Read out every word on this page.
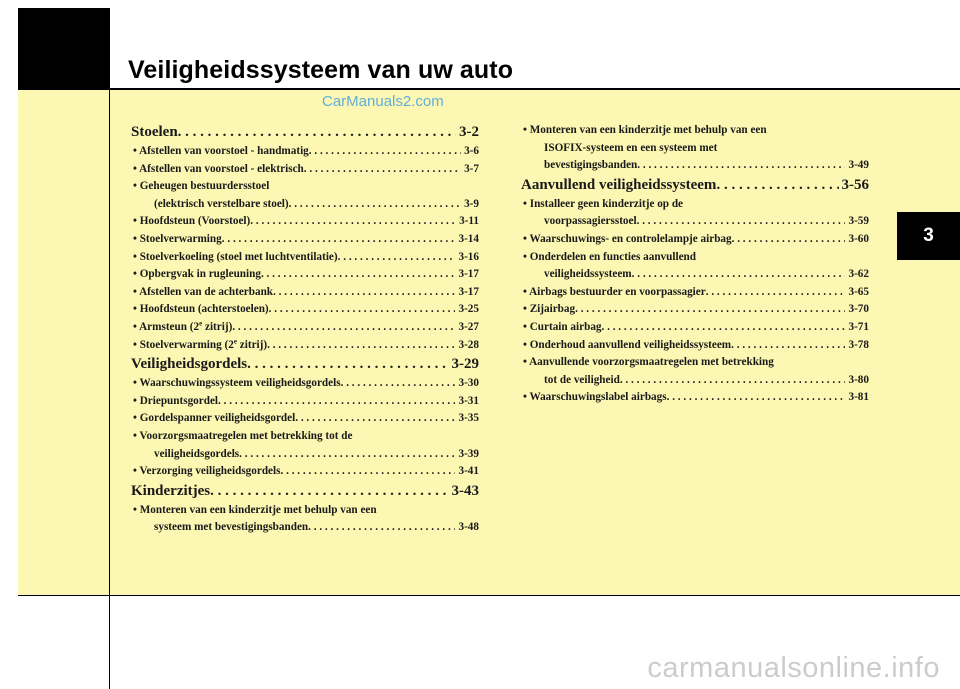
Veiligheidssysteem van uw auto
CarManuals2.com
3
carmanualsonline.info
Stoelen . . .	3-2
• Afstellen van voorstoel - handmatig . . .	3-6
• Afstellen van voorstoel - elektrisch . . .	3-7
• Geheugen bestuurdersstoel
(elektrisch verstelbare stoel) . . .	3-9
• Hoofdsteun (Voorstoel) . . .	3-11
• Stoelverwarming . . .	3-14
• Stoelverkoeling (stoel met luchtventilatie) . . .	3-16
• Opbergvak in rugleuning . . .	3-17
• Afstellen van de achterbank . . .	3-17
• Hoofdsteun (achterstoelen) . . .	3-25
• Armsteun (2e zitrij) . . .	3-27
• Stoelverwarming (2e zitrij) . . .	3-28
Veiligheidsgordels . . .	3-29
• Waarschuwingssysteem veiligheidsgordels . . .	3-30
• Driepuntsgordel . . .	3-31
• Gordelspanner veiligheidsgordel . . .	3-35
• Voorzorgsmaatregelen met betrekking tot de
veiligheidsgordels . . .	3-39
• Verzorging veiligheidsgordels . . .	3-41
Kinderzitjes . . .	3-43
• Monteren van een kinderzitje met behulp van een
systeem met bevestigingsbanden . . .	3-48
• Monteren van een kinderzitje met behulp van een
ISOFIX-systeem en een systeem met
bevestigingsbanden . . .	3-49
Aanvullend veiligheidssysteem . . .	3-56
• Installeer geen kinderzitje op de
voorpassagiersstoel . . .	3-59
• Waarschuwings- en controlelampje airbag . . .	3-60
• Onderdelen en functies aanvullend
veiligheidssysteem . . .	3-62
• Airbags bestuurder en voorpassagier . . .	3-65
• Zijairbag . . .	3-70
• Curtain airbag . . .	3-71
• Onderhoud aanvullend veiligheidssysteem . . .	3-78
• Aanvullende voorzorgsmaatregelen met betrekking
tot de veiligheid . . .	3-80
• Waarschuwingslabel airbags . . .	3-81
